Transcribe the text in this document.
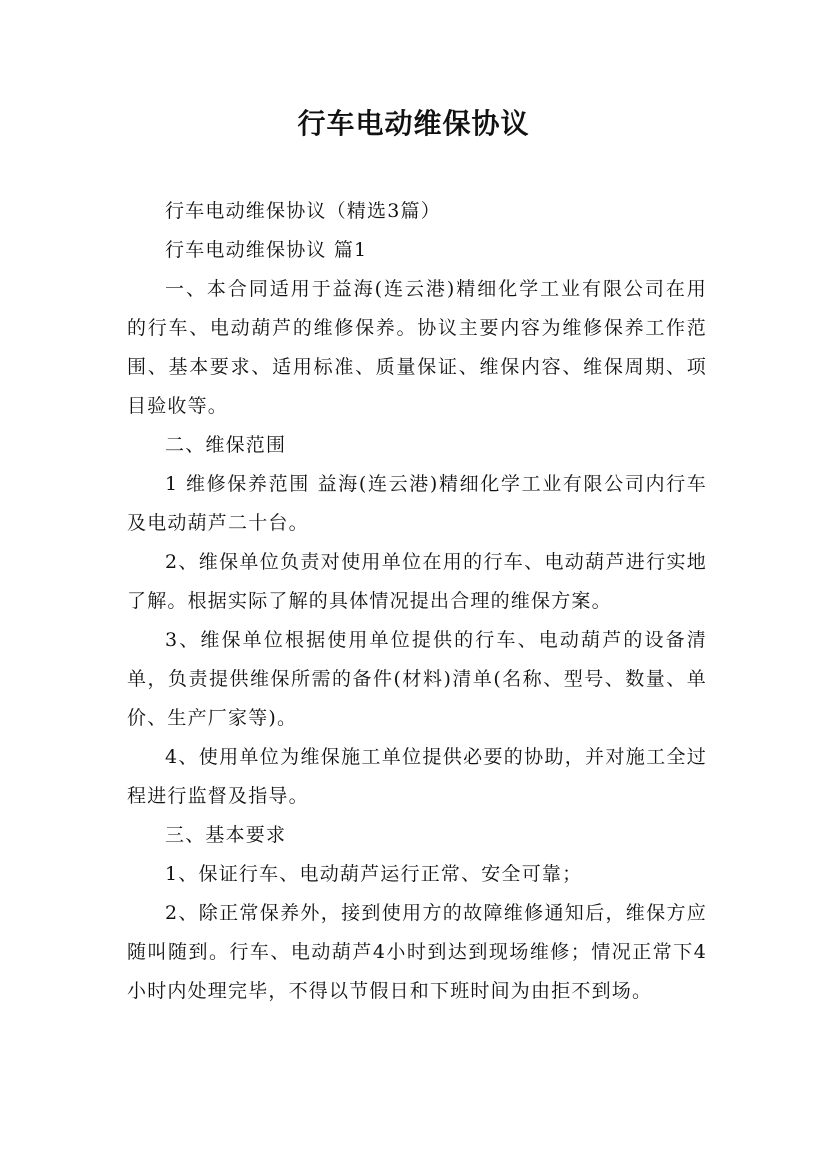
行车电动维保协议

行车电动维保协议（精选3篇）

行车电动维保协议 篇1

一、本合同适用于益海(连云港)精细化学工业有限公司在用的行车、电动葫芦的维修保养。协议主要内容为维修保养工作范围、基本要求、适用标准、质量保证、维保内容、维保周期、项目验收等。

二、维保范围

1 维修保养范围 益海(连云港)精细化学工业有限公司内行车及电动葫芦二十台。

2、维保单位负责对使用单位在用的行车、电动葫芦进行实地了解。根据实际了解的具体情况提出合理的维保方案。

3、维保单位根据使用单位提供的行车、电动葫芦的设备清单，负责提供维保所需的备件(材料)清单(名称、型号、数量、单价、生产厂家等)。

4、使用单位为维保施工单位提供必要的协助，并对施工全过程进行监督及指导。

三、基本要求

1、保证行车、电动葫芦运行正常、安全可靠；

2、除正常保养外，接到使用方的故障维修通知后，维保方应随叫随到。行车、电动葫芦4小时到达到现场维修；情况正常下4小时内处理完毕，不得以节假日和下班时间为由拒不到场。
